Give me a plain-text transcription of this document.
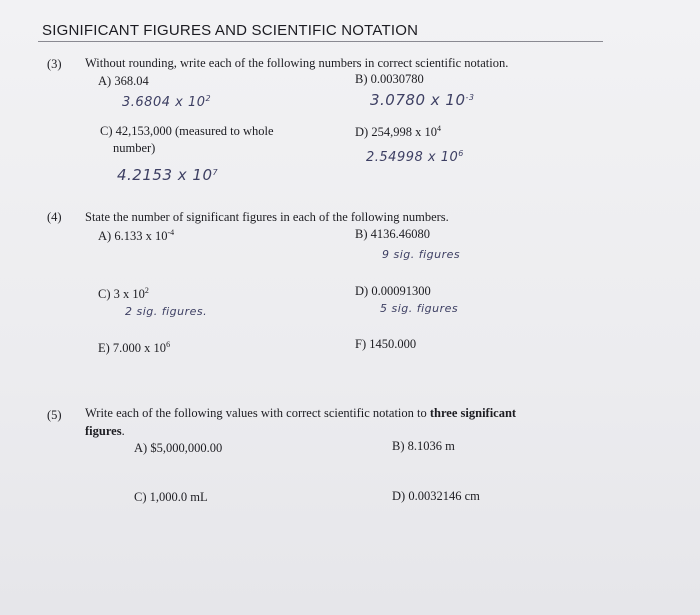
SIGNIFICANT FIGURES AND SCIENTIFIC NOTATION
(3) Without rounding, write each of the following numbers in correct scientific notation.
A) 368.04
3.6804 x $10^2$
B) 0.0030780
3.0780 x $10^{-3}$
C) 42,153,000 (measured to whole
number)
4.2153 x $10^7$
D) 254,998 x $10^4$
2.54998 x $10^6$
(4) State the number of significant figures in each of the following numbers.
A) 6.133 x $10^{-4}$	B) 4136.46080
9 sig. figures
C) 3 x $10^2$
2 sig. figures.
D) 0.00091300
5 sig. figures
E) 7.000 x $10^6$	F) 1450.000
(5) Write each of the following values with correct scientific notation to three significant
figures.
A) $5,000,000.00	B) 8.1036 m
C) 1,000.0 mL	D) 0.0032146 cm
